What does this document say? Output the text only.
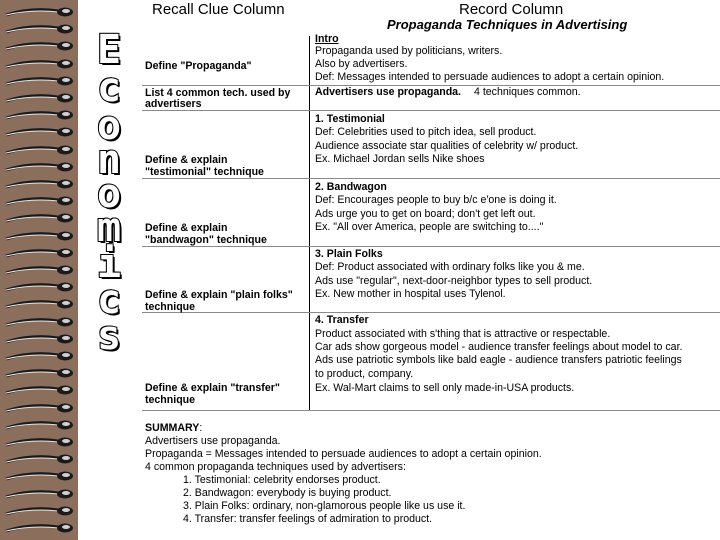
E
c
o
n
o
m
i
c
s
Recall Clue Column	Record Column
Propaganda Techniques in Advertising
Define "Propaganda"
List 4 common tech. used by
advertisers
Define & explain
"testimonial" technique
Define & explain
"bandwagon" technique
Define & explain "plain folks"
technique
Define & explain "transfer"
technique
Intro
Propaganda used by politicians, writers.
Also by advertisers.
Def: Messages intended to persuade audiences to adopt a certain opinion.
Advertisers use propaganda. 4 techniques common.
1. Testimonial
Def: Celebrities used to pitch idea, sell product.
Audience associate star qualities of celebrity w/ product.
Ex. Michael Jordan sells Nike shoes
2. Bandwagon
Def: Encourages people to buy b/c e'one is doing it.
Ads urge you to get on board; don't get left out.
Ex. "All over America, people are switching to...."
3. Plain Folks
Def: Product associated with ordinary folks like you & me.
Ads use "regular", next-door-neighbor types to sell product.
Ex. New mother in hospital uses Tylenol.
4. Transfer
Product associated with s'thing that is attractive or respectable.
Car ads show gorgeous model - audience transfer feelings about model to car.
Ads use patriotic symbols like bald eagle - audience transfers patriotic feelings
to product, company.
Ex. Wal-Mart claims to sell only made-in-USA products.
SUMMARY:
Advertisers use propaganda.
Propaganda = Messages intended to persuade audiences to adopt a certain opinion.
4 common propaganda techniques used by advertisers:
1. Testimonial: celebrity endorses product.
2. Bandwagon: everybody is buying product.
3. Plain Folks: ordinary, non-glamorous people like us use it.
4. Transfer: transfer feelings of admiration to product.
